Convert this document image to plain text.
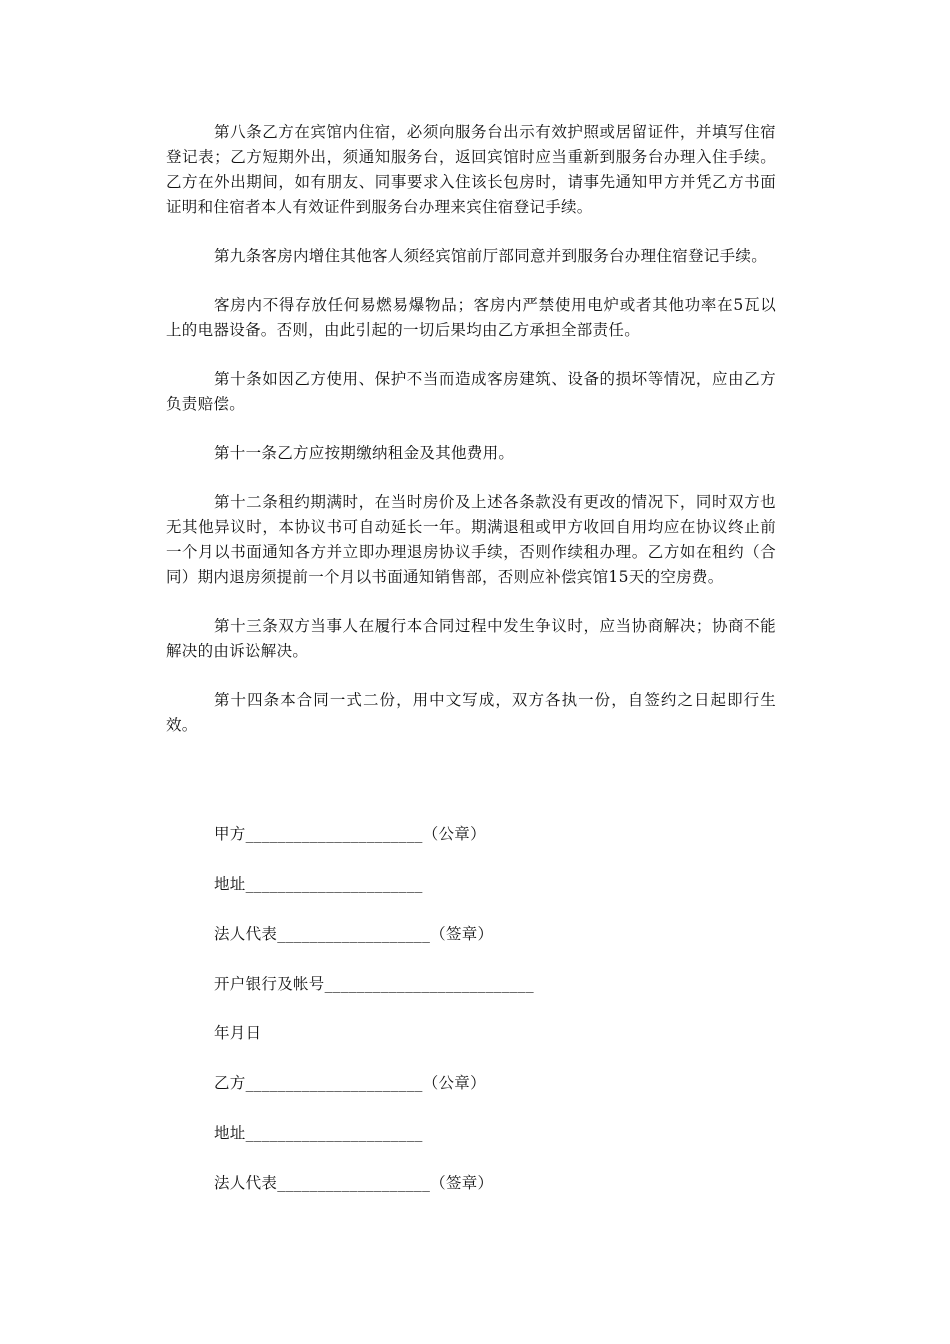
第八条乙方在宾馆内住宿，必须向服务台出示有效护照或居留证件，并填写住宿登记表；乙方短期外出，须通知服务台，返回宾馆时应当重新到服务台办理入住手续。乙方在外出期间，如有朋友、同事要求入住该长包房时，请事先通知甲方并凭乙方书面证明和住宿者本人有效证件到服务台办理来宾住宿登记手续。

第九条客房内增住其他客人须经宾馆前厅部同意并到服务台办理住宿登记手续。

客房内不得存放任何易燃易爆物品；客房内严禁使用电炉或者其他功率在5瓦以上的电器设备。否则，由此引起的一切后果均由乙方承担全部责任。

第十条如因乙方使用、保护不当而造成客房建筑、设备的损坏等情况，应由乙方负责赔偿。

第十一条乙方应按期缴纳租金及其他费用。

第十二条租约期满时，在当时房价及上述各条款没有更改的情况下，同时双方也无其他异议时，本协议书可自动延长一年。期满退租或甲方收回自用均应在协议终止前一个月以书面通知各方并立即办理退房协议手续，否则作续租办理。乙方如在租约（合同）期内退房须提前一个月以书面通知销售部，否则应补偿宾馆15天的空房费。

第十三条双方当事人在履行本合同过程中发生争议时，应当协商解决；协商不能解决的由诉讼解决。

第十四条本合同一式二份，用中文写成，双方各执一份，自签约之日起即行生效。

甲方______________________（公章）
地址______________________
法人代表___________________（签章）
开户银行及帐号__________________________
年月日
乙方______________________（公章）
地址______________________
法人代表___________________（签章）
